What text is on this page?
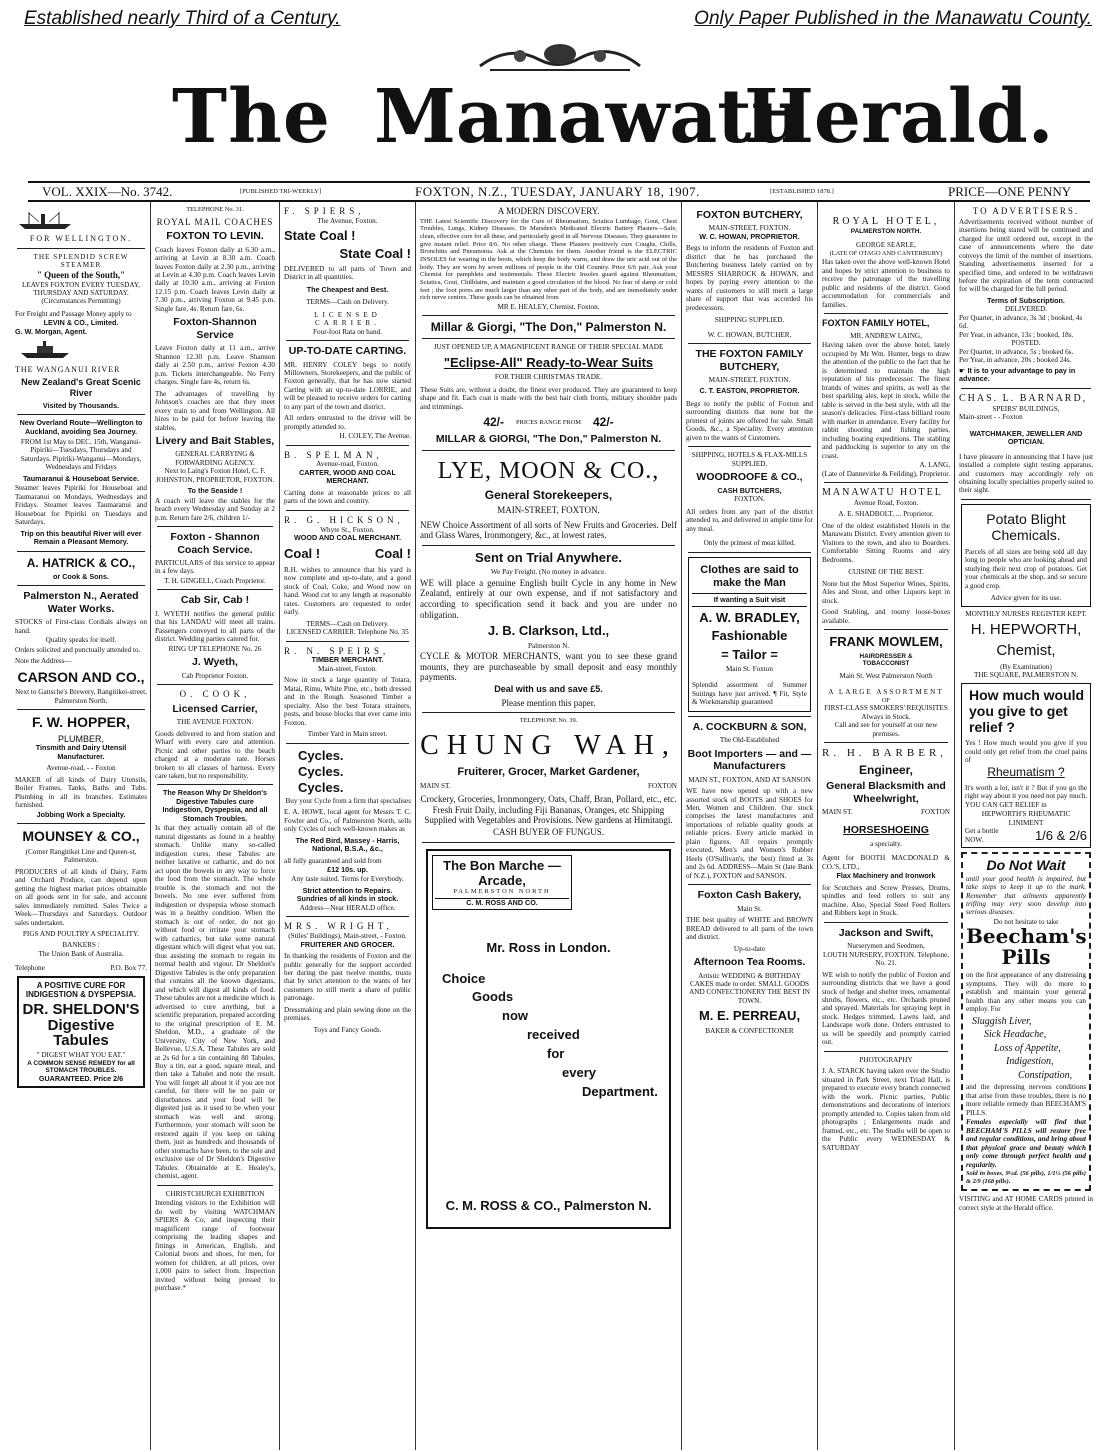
Established nearly Third of a Century.	Only Paper Published in the Manawatu County.
The Manawatu
Herald.
VOL. XXIX—No. 3742.	[PUBLISHED TRI-WEEKLY]	FOXTON, N.Z., TUESDAY, JANUARY 18, 1907.	[ESTABLISHED 1878.]	PRICE—ONE PENNY
FOR WELLINGTON.
THE SPLENDID SCREW STEAMER
" Queen of the South,"
LEAVES FOXTON EVERY TUESDAY, THURSDAY AND SATURDAY.
(Circumstances Permitting)

For Freight and Passage Money apply to

LEVIN & CO., Limited.
G. W. Morgan, Agent.
THE WANGANUI RIVER
New Zealand's Great Scenic River
Visited by Thousands.
New Overland Route—Wellington to Auckland, avoiding Sea Journey.
FROM 1st May to DEC. 15th, Wanganui-Pipiriki—Tuesdays, Thursdays and Saturdays. Pipiriki-Wanganui—Mondays, Wednesdays and Fridays
Taumaranui & Houseboat Service.

Steamer leaves Pipiriki for Houseboat and Taumaranui on Mondays, Wednesdays and Fridays. Steamer leaves Taumaranui and Houseboat for Pipiriki on Tuesdays and Saturdays.

Trip on this beautiful River will ever Remain a Pleasant Memory.
A. HATRICK & CO.,
or Cook & Sons.
Palmerston N., Aerated Water Works.

STOCKS of First-class Cordials always on hand.

Quality speaks for itself.

Orders solicited and punctually attended to.

Note the Address—
CARSON AND CO.,
Next to Gattsche's Brewery, Rangitikei-street, Palmerston North.
F. W. HOPPER,
PLUMBER,
Tinsmith and Dairy Utensil Manufacturer.
Avenue-road, - - Foxton

MAKER of all kinds of Dairy Utensils, Boiler Frames, Tanks, Baths and Tubs. Plumbing in all its branches. Estimates furnished.

Jobbing Work a Specialty.
MOUNSEY & CO.,
(Corner Rangitikei Line and Queen-st, Palmerston.

PRODUCERS of all kinds of Dairy, Farm and Orchard Produce, can depend upon getting the highest market prices obtainable on all goods sent in for sale, and account sales immediately remitted. Sales Twice a Week—Thursdays and Saturdays. Outdoor sales undertaken.

PIGS AND POULTRY A SPECIALITY.
BANKERS :
The Union Bank of Australia.
Telephone	P.O. Box 77.
A POSITIVE CURE FOR INDIGESTION & DYSPEPSIA.
DR. SHELDON'S Digestive Tabules
" DIGEST WHAT YOU EAT."
A COMMON SENSE REMEDY for all STOMACH TROUBLES.
GUARANTEED. Price 2/6
TELEPHONE No. 31.
ROYAL MAIL COACHES
FOXTON TO LEVIN.

Coach leaves Foxton daily at 6.30 a.m., arriving at Levin at 8.30 a.m. Coach leaves Foxton daily at 2.30 p.m., arriving at Levin at 4.30 p.m. Coach leaves Levin daily at 10.30 a.m., arriving at Foxton 12.15 p.m. Coach leaves Levin daily at 7.30 p.m., arriving Foxton at 9.45 p.m. Single fare, 4s. Return fare, 6s.

Foxton-Shannon Service

Leave Foxton daily at 11 a.m., arrive Shannon 12.30 p.m. Leave Shannon daily at 2.50 p.m., arrive Foxton 4.30 p.m. Tickets interchangeable. No Ferry charges. Single fare 4s, return 6s.

The advantages of travelling by Johnson's coaches are that they meet every train to and from Wellington. All hires to be paid for before leaving the stables.

Livery and Bait Stables,
GENERAL CARRYING & FORWARDING AGENCY.
Next to Laing's Foxton Hotel, C. F. JOHNSTON, PROPRIETOR, FOXTON.
To the Seaside !

A coach will leave the stables for the beach every Wednesday and Sunday at 2 p.m. Return fare 2/6, children 1/-

Foxton - Shannon Coach Service.

PARTICULARS of this service to appear in a few days.

T. H. GINGELL, Coach Proprietor.
Cab Sir, Cab !

J. WYETH notifies the general public that his LANDAU will meet all trains. Passengers conveyed to all parts of the district. Wedding parties catered for.

RING UP TELEPHONE No. 26
J. Wyeth,
Cab Proprietor Foxton.
O. COOK,
Licensed Carrier,
THE AVENUE FOXTON.

Goods delivered to and from station and Wharf with every care and attention. Picnic and other parties to the beach charged at a moderate rate. Horses broken to all classes of harness. Every care taken, but no responsibility.

The Reason Why Dr Sheldon's Digestive Tabules cure Indigestion, Dyspepsia, and all Stomach Troubles.

Is that they actually contain all of the natural digestants as found in a healthy stomach. Unlike many so-called indigestion cures, these Tabules are neither laxative or cathartic, and do not act upon the bowels in any way to force the food from the stomach. The whole trouble is the stomach and not the bowels. No one ever suffered from indigestion or dyspepsia whose stomach was in a healthy condition. When the stomach is out of order, do not go without food or irritate your stomach with cathartics, but take some natural digestant which will digest what you eat, thus assisting the stomach to regain its normal health and vigour. Dr Sheldon's Digestive Tabules is the only preparation that contains all the known digestants, and which will digest all kinds of food. These tabules are not a medicine which is advertised to cure anything, but a scientific preparation, prepared according to the original prescription of E. M. Sheldon, M.D., a graduate of the University, City of New York, and Bellevue, U.S.A. These Tabules are sold at 2s 6d for a tin containing 80 Tabules. Buy a tin, eat a good, square meal, and then take a Tabulet and note the result. You will forget all about it if you are not careful, for there will be no pain or disturbances and your food will be digested just as it used to be when your stomach was well and strong. Furthermore, your stomach will soon be restored again if you keep on taking them, just as hundreds and thousands of other stomachs have been, to the sole and exclusive use of Dr Sheldon's Digestive Tabules. Obtainable at E. Healey's, chemist, agent.

CHRISTCHURCH EXHIBITION

Intending visitors to the Exhibition will do well by visiting WATCHMAN SPIERS & Co, and inspecting their magnificent range of footwear comprising the leading shapes and fittings in American, English, and Colonial boots and shoes, for men, for women for children, at all prices, over 1,000 pairs to select from. Inspection invited without being pressed to purchase.*

F. SPIERS,
The Avenue, Foxton.
State Coal !
State Coal !

DELIVERED to all parts of Town and District in all quantities.

The Cheapest and Best.
TERMS—Cash on Delivery.
LICENSED CARRIER.
Four-foot Rata on hand.
UP-TO-DATE CARTING.

MR. HENRY COLEY begs to notify Millowners, Storekeepers, and the public of Foxton generally, that he has now started Carting with an up-to-date LORRIE, and will be pleased to receive orders for carting to any part of the town and district.

All orders entrusted to the driver will be promptly attended to.

H. COLEY, The Avenue.
B. SPELMAN,
Avenue-road, Foxton.
CARTER, WOOD AND COAL MERCHANT.

Carting done at reasonable prices to all parts of the town and country.

R. G. HICKSON,
Whyte St., Foxton.
WOOD AND COAL MERCHANT.
Coal !	Coal !

R.H. wishes to announce that his yard is now complete and up-to-date, and a good stock of Coal, Coke, and Wood now on hand. Wood cut to any length at reasonable rates. Customers are requested to order early.

TERMS—Cash on Delivery.
LICENSED CARRIER. Telephone No. 35
R. N. SPEIRS,
TIMBER MERCHANT.
Main-street, Foxton.

Now in stock a large quantity of Totara, Matai, Rimu, White Pine, etc., both dressed and in the Rough. Seasoned Timber a specialty. Also the best Totara strainers, posts, and house blocks that ever came into Foxton.

Timber Yard in Main street.
Cycles.
Cycles.
Cycles.

Buy your Cycle from a firm that specialises

E. A. HOWE, local agent for Messrs T. C. Fowler and Co., of Palmerston North, sells only Cycles of such well-known makes as

The Red Bird, Massey - Harris, National, B.S.A., &c.,

all fully guaranteed and sold from

£12 10s. up.
Any taste suited. Terms for Everybody.
Strict attention to Repairs.
Sundries of all kinds in stock.
Address—Near HERALD office.
MRS. WRIGHT,
(Stiles' Buildings), Main-street, - Foxton.
FRUITERER AND GROCER.

In thanking the residents of Foxton and the public generally for the support accorded her during the past twelve months, trusts that by strict attention to the wants of her customers to still merit a share of public patronage.

Dressmaking and plain sewing done on the premises.

Toys and Fancy Goods.
A MODERN DISCOVERY.

THE Latest Scientific Discovery for the Cure of Rheumatism, Sciatica Lumbago, Gout, Chest Troubles, Lungs, Kidney Diseases. Dr Marsden's Medicated Electric Battery Plasters—Safe, clean, effective cure for all these, and particularly good in all Nervous Diseases. They guarantee to give instant relief. Price 8/6. No other charge. These Plasters positively cure Coughs, Chills, Bronchitis and Pneumonia. Ask at the Chemists for them. Another friend is the ELECTRIC INSOLES for wearing in the boots, which keep the body warm, and draw the uric acid out of the body. They are worn by seven millions of people in the Old Country. Price 6/6 pair. Ask your Chemist for pamphlets and testimonials. These Electric Insoles guard against Rheumatism, Sciatica, Gout, Chilblains, and maintain a good circulation of the blood. No fear of damp or cold feet ; the foot pores are much larger than any other part of the body, and are immediately under rich nerve centres. These goods can be obtained from

MR E. HEALEY, Chemist, Foxton.
Millar & Giorgi, "The Don," Palmerston N.
JUST OPENED UP, A MAGNIFICENT RANGE OF THEIR SPECIAL MADE
"Eclipse-All" Ready-to-Wear Suits
FOR THEIR CHRISTMAS TRADE.

These Suits are, without a doubt, the finest ever produced. They are guaranteed to keep shape and fit. Each coat is made with the best hair cloth fronts, military shoulder pads and trimmings.

42/- PRICES RANGE FROM 42/-
MILLAR & GIORGI, "The Don," Palmerston N.
LYE, MOON & CO.,
General Storekeepers,
MAIN-STREET, FOXTON.

NEW Choice Assortment of all sorts of New Fruits and Groceries. Delf and Glass Wares, Ironmongery, &c., at lowest rates.

Sent on Trial Anywhere.
We Pay Freight. (No money in advance.

WE will place a genuine English built Cycle in any home in New Zealand, entirely at our own expense, and if not satisfactory and according to specification send it back and you are under no obligation.

J. B. Clarkson, Ltd.,
Palmerston N.

CYCLE & MOTOR MERCHANTS, want you to see these grand mounts, they are purchaseable by small deposit and easy monthly payments.

Deal with us and save £5.
Please mention this paper.
TELEPHONE No. 39.
CHUNG WAH,
Fruiterer, Grocer, Market Gardener,
MAIN ST.	FOXTON

Crockery, Groceries, Ironmongery, Oats, Chaff, Bran, Pollard, etc., etc. Fresh Fruit Daily, including Fiji Bananas, Oranges, etc Shipping Supplied with Vegetables and Provisions. New gardens at Himitangi.

CASH BUYER OF FUNGUS.
The Bon Marche — Arcade,
PALMERSTON NORTH
C. M. ROSS AND CO.
Mr. Ross in London.
Choice
Goods
now
received
for
every
Department.
C. M. ROSS & CO., Palmerston N.
FOXTON BUTCHERY,
MAIN-STREET, FOXTON.
W. C. HOWAN, PROPRIETOR.

Begs to inform the residents of Foxton and district that he has purchased the Butchering business lately carried on by MESSRS SHARROCK & HOWAN, and hopes by paying every attention to the wants of customers to still merit a large share of support that was accorded his predecessors.

SHIPPING SUPPLIED.
W. C. HOWAN, BUTCHER.
THE FOXTON FAMILY BUTCHERY,
MAIN-STREET, FOXTON.
C. T. EASTON, PROPRIETOR.

Begs to notify the public of Foxton and surrounding districts that none but the primest of joints are offered for sale. Small Goods, &c., a Speciality. Every attention given to the wants of Customers.

SHIPPING, HOTELS & FLAX-MILLS SUPPLIED.
WOODROOFE & CO.,
CASH BUTCHERS,
FOXTON.

All orders from any part of the district attended to, and delivered in ample time for any meal.

Only the primest of meat killed.
Clothes are said to make the Man
If wanting a Suit visit
A. W. BRADLEY,
Fashionable
= Tailor =
Main St. Foxton

Splendid assortment of Summer Suitings have just arrived. ¶ Fit, Style & Workmanship guaranteed

A. COCKBURN & SON,
The Old-Established
Boot Importers — and — Manufacturers
MAIN ST., FOXTON, AND AT SANSON

WE have now opened up with a new assorted stock of BOOTS and SHOES for Men, Women and Children. Our stock comprises the latest manufactures and importations of reliable quality goods at reliable prices. Every article marked in plain figures. All repairs promptly executed. Men's and Women's Rubber Heels (O'Sullivan's, the best) fitted at 3s and 2s 6d. ADDRESS—Main St (late Bank of N.Z.), FOXTON and SANSON.

Foxton Cash Bakery,
Main St.

THE best quality of WHITE and BROWN BREAD delivered to all parts of the town and district.

Up-to-date
Afternoon Tea Rooms.
Artistic WEDDING & BIRTHDAY CAKES made to order. SMALL GOODS AND CONFECTIONERY THE BEST IN TOWN.
M. E. PERREAU,
BAKER & CONFECTIONER
ROYAL HOTEL,
PALMERSTON NORTH.
GEORGE SEARLE,
(LATE OF OTAGO AND CANTERBURY)

Has taken over the above well-known Hotel and hopes by strict attention to business to receive the patronage of the travelling public and residents of the district. Good accommodation for commercials and families.

FOXTON FAMILY HOTEL,
MR. ANDREW LAING,

Having taken over the above hotel, lately occupied by Mr Wm. Hunter, begs to draw the attention of the public to the fact that he is determined to maintain the high reputation of his predecessor. The finest brands of wines and spirits, as well as the best sparkling ales, kept in stock, while the table is served in the best style, with all the season's delicacies. First-class billiard room with marker in attendance. Every facility for rabbit shooting and fishing parties, including boating expeditions. The stabling and paddocking is superior to any on the coast.

A. LANG,
(Late of Dannevirke & Feilding), Proprietor.
MANAWATU HOTEL
Avenue Road, Foxton.
A. E. SHADBOLT, ... Proprietor.

One of the oldest established Hotels in the Manawatu District. Every attention given to Visitors to the town, and also to Boarders. Comfortable Sitting Rooms and airy Bedrooms.

CUISINE OF THE BEST.

None but the Most Superior Wines, Spirits, Ales and Stout, and other Liquors kept in stock.

Good Stabling, and roomy loose-boxes available.

FRANK MOWLEM,
HAIRDRESSER & TOBACCONIST
Main St. West Palmerston North
A LARGE ASSORTMENT
OF
FIRST-CLASS SMOKERS' REQUISITES
Always in Stock.
Call and see for yourself at our new premises.
R. H. BARBER,
Engineer,
General Blacksmith and Wheelwright,
MAIN ST.	FOXTON
HORSESHOEING
a specialty.

Agent for BOOTH MACDONALD & CO.'S, LTD.,

Flax Machinery and Ironwork

for Scutchers and Screw Presses, Drums, spindles and feed rollers to suit any machine. Also, Special Steel Feed Rollers and Ribbers kept in Stock.

Jackson and Swift,
Nurserymen and Seedmen,
LOUTH NURSERY, FOXTON. Telephone, No. 21.

WE wish to notify the public of Foxton and surrounding districts that we have a good stock of hedge and shelter trees, ornamental shrubs, flowers, etc., etc. Orchards pruned and sprayed. Materials for spraying kept in stock. Hedges trimmed, Lawns laid, and Landscape work done. Orders entrusted to us will be speedily and promptly carried out.

PHOTOGRAPHY

J. A. STARCK having taken over the Studio situated in Park Street, next Triad Hall, is prepared to execute every branch connected with the work. Picnic parties, Public demonstrations and decorations of interiors promptly attended to. Copies taken from old photographs ; Enlargements made and framed, etc., etc. The Studio will be open to the Public every WEDNESDAY & SATURDAY

TO ADVERTISERS.

Advertisements received without number of insertions being stated will be continued and charged for until ordered out, except in the case of announcements where the date conveys the limit of the number of insertions. Standing advertisements inserted for a specified time, and ordered to be withdrawn before the expiration of the term contracted for will be charged for the full period.

Terms of Subscription.
DELIVERED.
Per Quarter, in advance, 3s 3d ; booked, 4s 6d.
Per Year, in advance, 13s ; booked, 18s.
POSTED.
Per Quarter, in advance, 5s ; booked 6s.
Per Year, in advance, 20s ; booked 24s.
☛ It is to your advantage to pay in advance.
CHAS. L. BARNARD,
SPEIRS' BUILDINGS,
Main-street - - Foxton
WATCHMAKER, JEWELLER AND OPTICIAN.

I have pleasure in announcing that I have just installed a complete sight testing apparatus, and customers may accordingly rely on obtaining locally specialties properly suited to their sight.

Potato Blight Chemicals.

Parcels of all sizes are being sold all day long to people who are looking ahead and studying their next crop of potatoes. Get your chemicals at the shop, and so secure a good crop.

Advice given for its use.
MONTHLY NURSES REGISTER KEPT.
H. HEPWORTH,
Chemist,
(By Examination)
THE SQUARE, PALMERSTON N.
How much would you give to get relief ?

Yes ! How much would you give if you could only get relief from the cruel pains of

Rheumatism ?

It's worth a lot, isn't it ? But if you go the right way about it you need not pay much. YOU CAN GET RELIEF in

HEPWORTH'S RHEUMATIC LINIMENT
Get a bottle NOW.	1/6 & 2/6
Do Not Wait

until your good health is impaired, but take steps to keep it up to the mark. Remember that ailments apparently trifling may very soon develop into serious diseases.

Do not hesitate to take
Beecham's Pills

on the first appearance of any distressing symptoms. They will do more to establish and maintain your general health than any other means you can employ. For

Sluggish Liver,
Sick Headache,
Loss of Appetite,
Indigestion,
Constipation,

and the depressing nervous conditions that arise from these troubles, there is no more reliable remedy than BEECHAM'S PILLS.

Females especially will find that BEECHAM'S PILLS will restore free and regular conditions, and bring about that physical grace and beauty which only come through perfect health and regularity.

Sold in boxes, 9½d. (56 pills), 1/1½ (56 pills) & 2/9 (168 pills).

VISITING and AT HOME CARDS printed in correct style at the Herald office.
